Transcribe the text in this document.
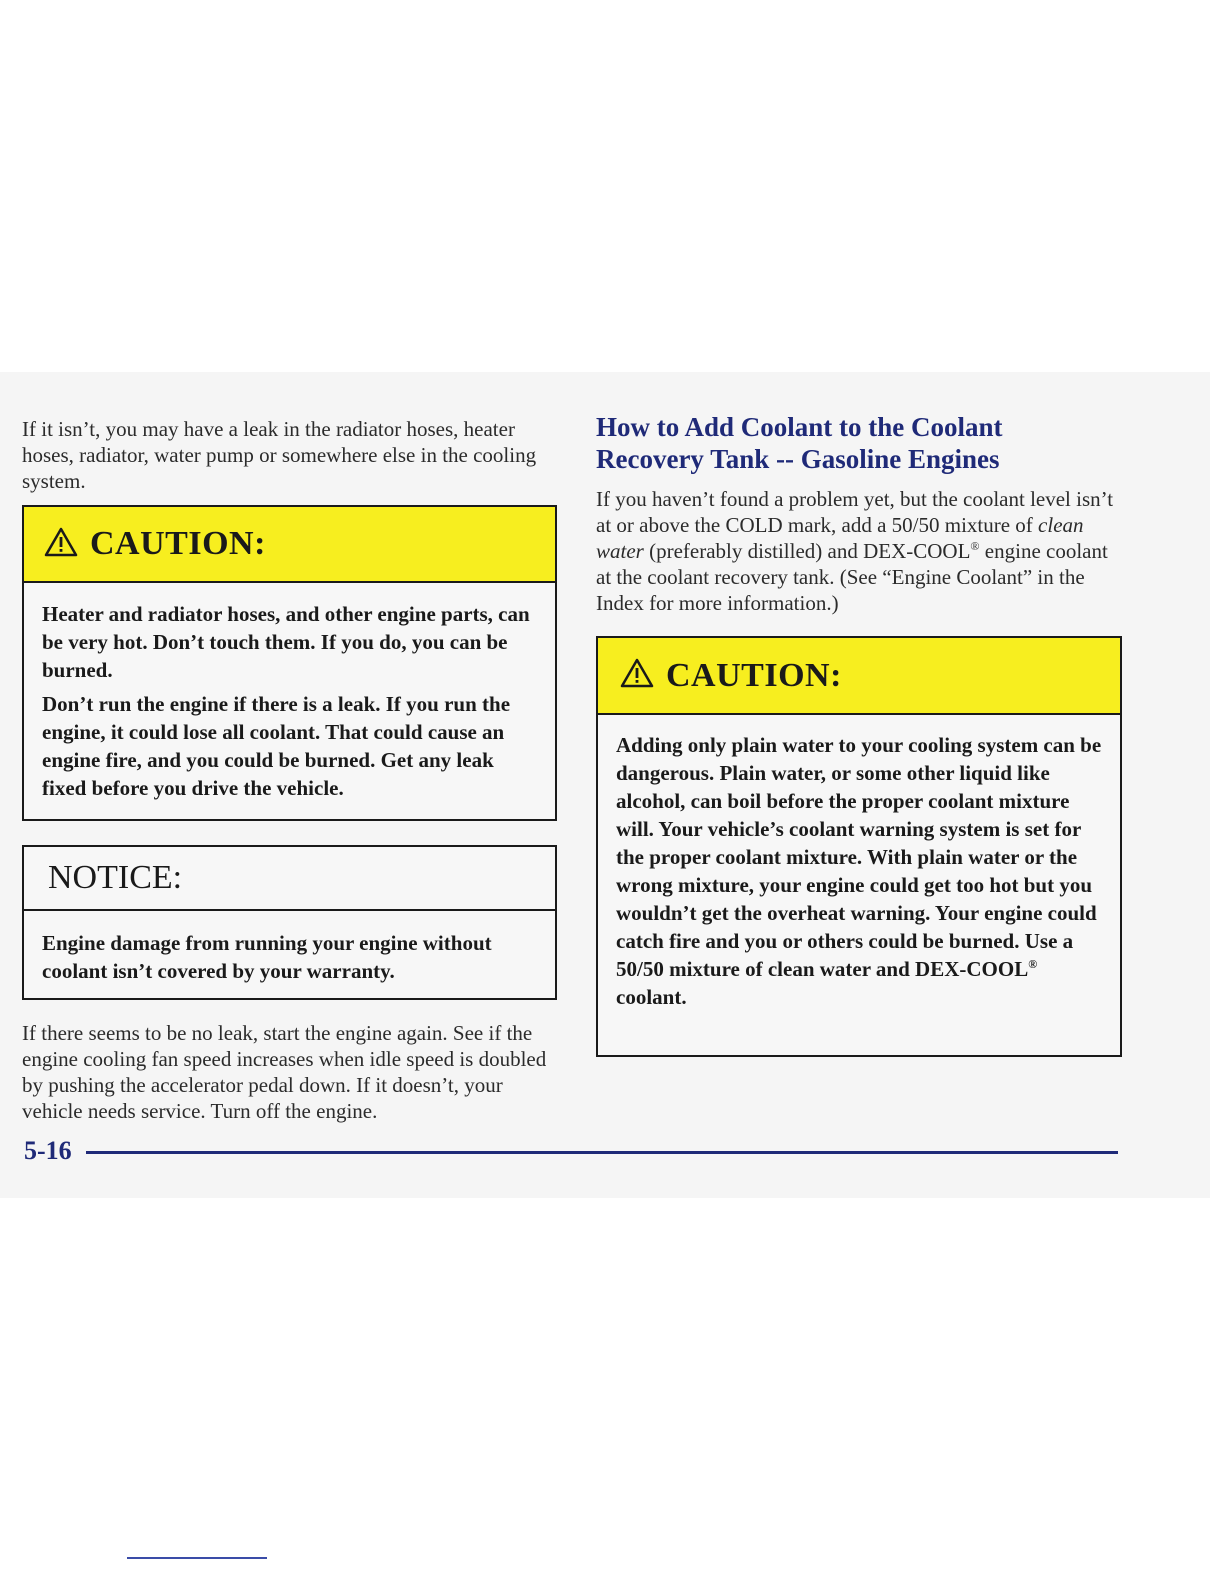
If it isn’t, you may have a leak in the radiator hoses, heater hoses, radiator, water pump or somewhere else in the cooling system.

CAUTION:

Heater and radiator hoses, and other engine parts, can be very hot. Don’t touch them. If you do, you can be burned.

Don’t run the engine if there is a leak. If you run the engine, it could lose all coolant. That could cause an engine fire, and you could be burned. Get any leak fixed before you drive the vehicle.

NOTICE:

Engine damage from running your engine without coolant isn’t covered by your warranty.

If there seems to be no leak, start the engine again. See if the engine cooling fan speed increases when idle speed is doubled by pushing the accelerator pedal down. If it doesn’t, your vehicle needs service. Turn off the engine.

How to Add Coolant to the Coolant
Recovery Tank -- Gasoline Engines

If you haven’t found a problem yet, but the coolant level isn’t at or above the COLD mark, add a 50/50 mixture of clean water (preferably distilled) and DEX-COOL® engine coolant at the coolant recovery tank. (See “Engine Coolant” in the Index for more information.)

CAUTION:

Adding only plain water to your cooling system can be dangerous. Plain water, or some other liquid like alcohol, can boil before the proper coolant mixture will. Your vehicle’s coolant warning system is set for the proper coolant mixture. With plain water or the wrong mixture, your engine could get too hot but you wouldn’t get the overheat warning. Your engine could catch fire and you or others could be burned. Use a 50/50 mixture of clean water and DEX-COOL® coolant.

5-16
